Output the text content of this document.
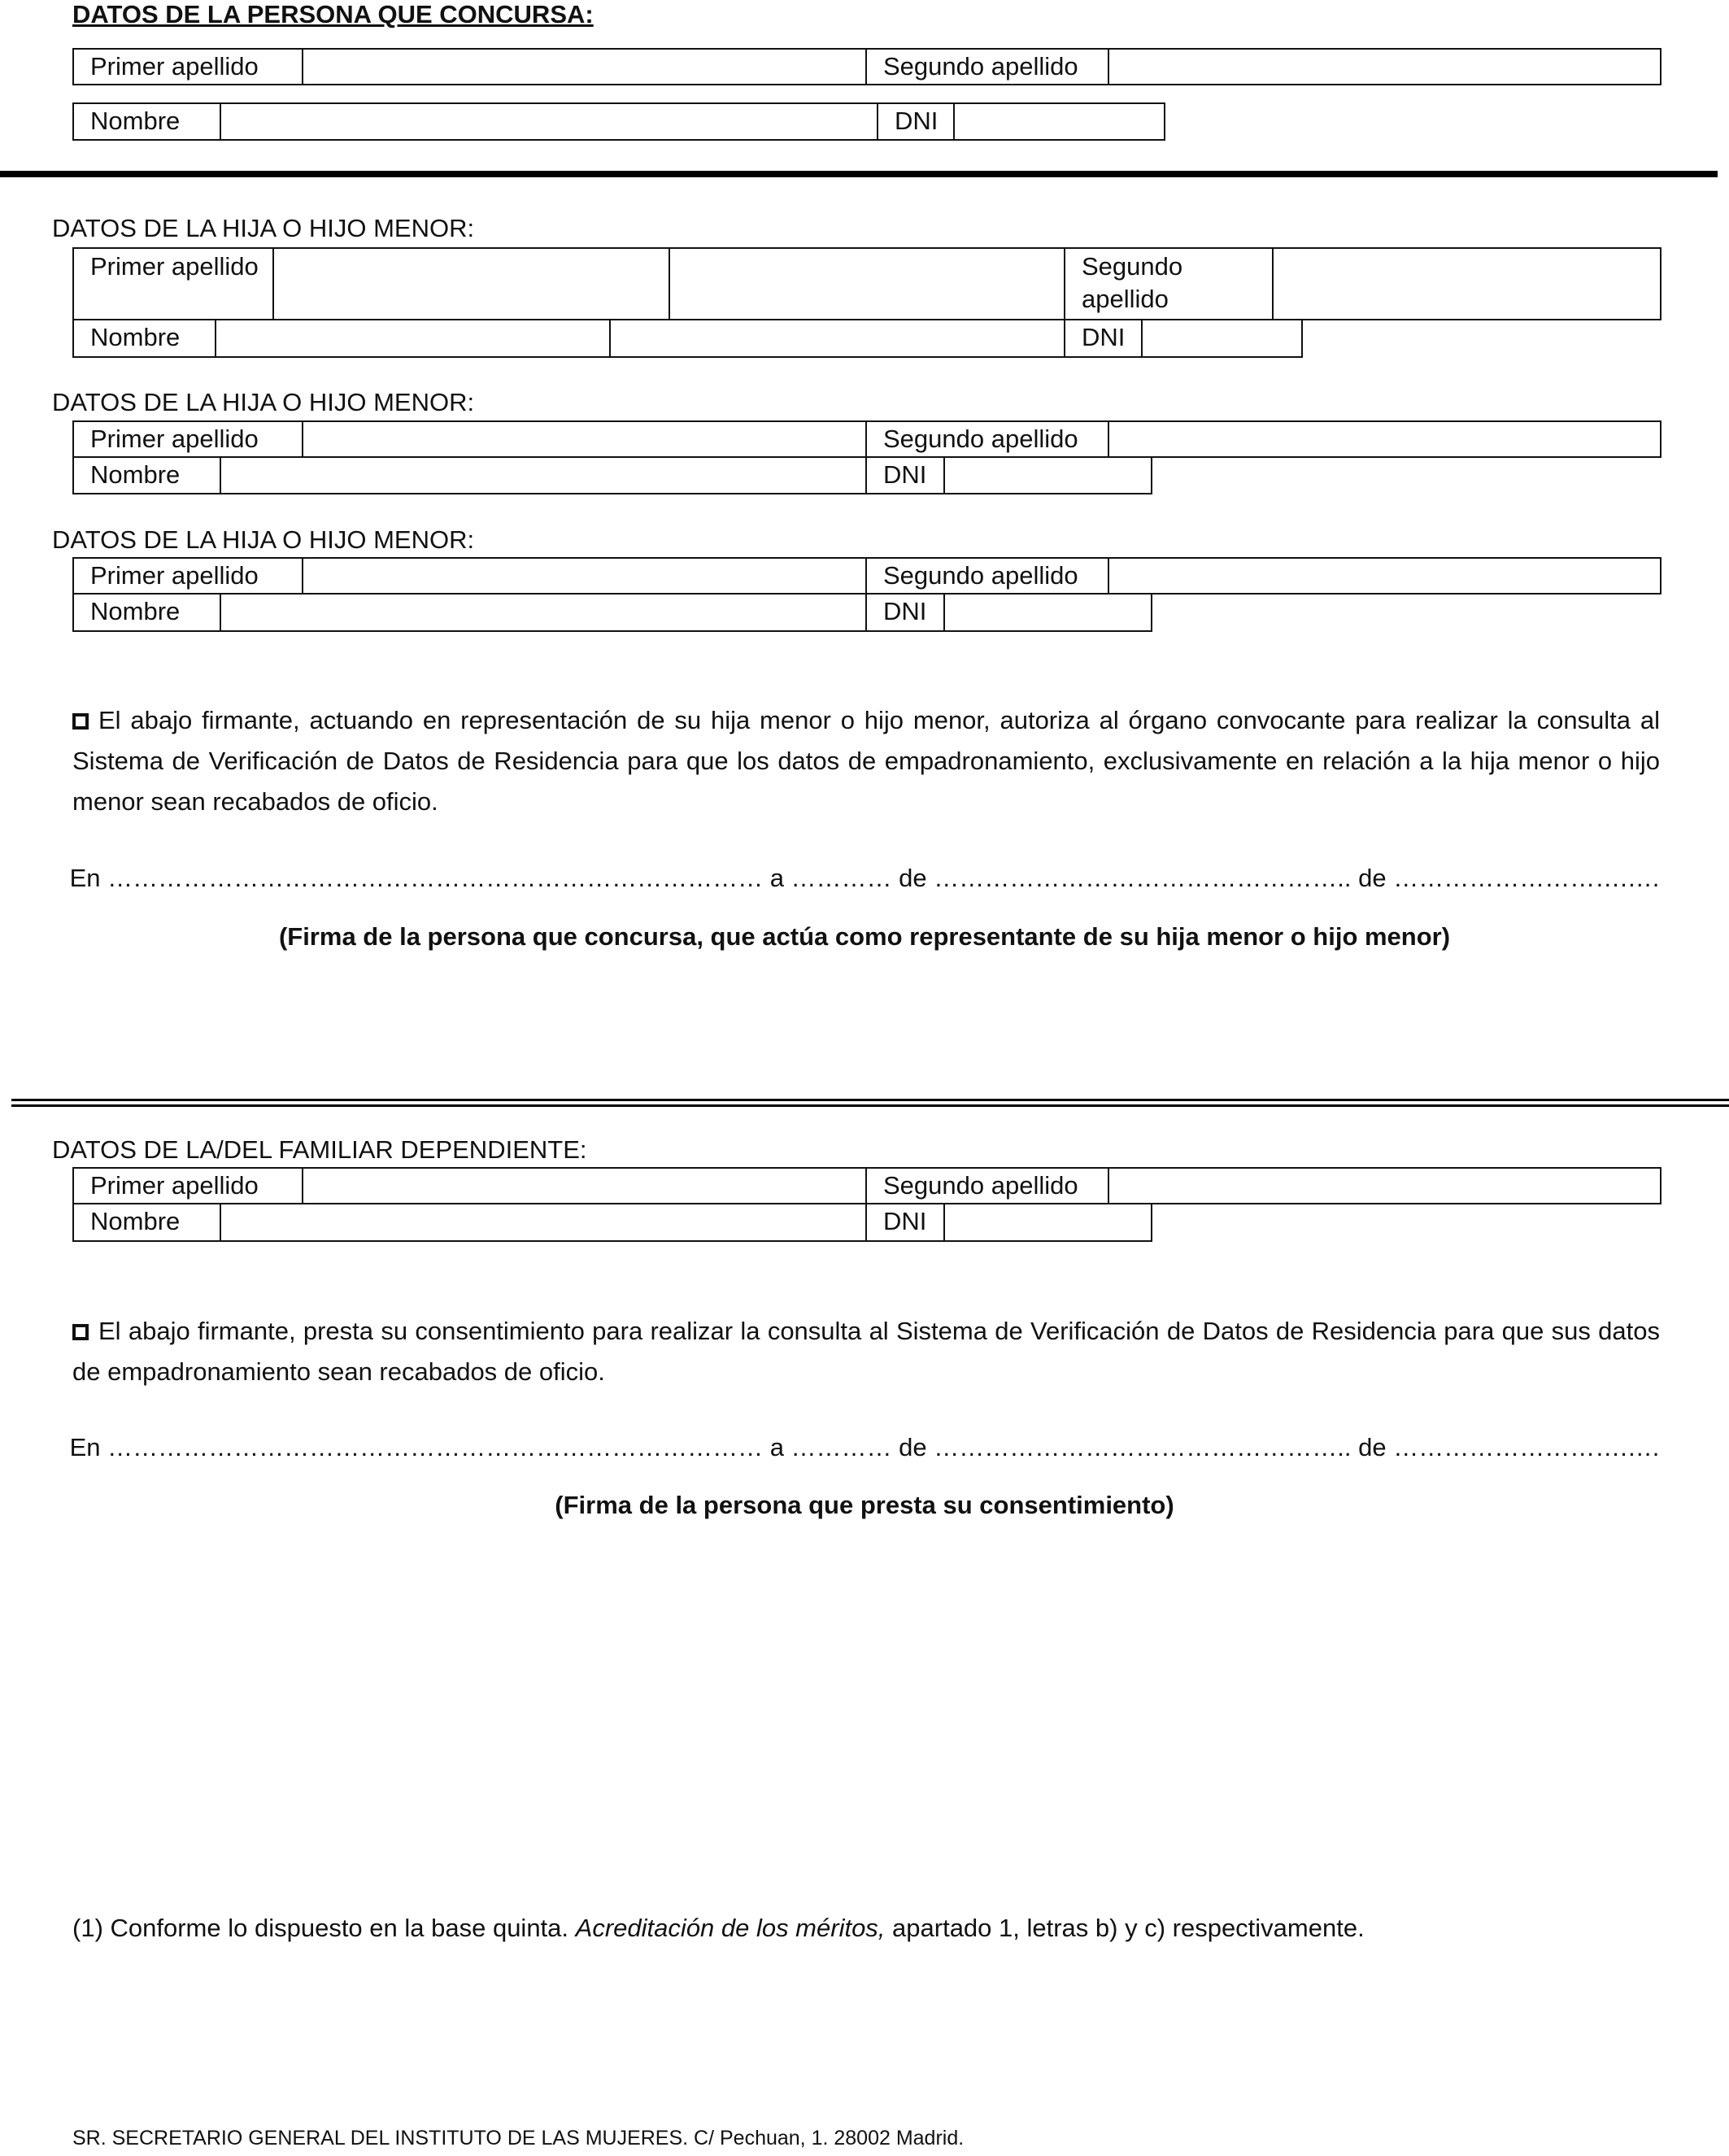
DATOS DE LA PERSONA QUE CONCURSA:
Primer apellido	Segundo apellido
Nombre	DNI
DATOS DE LA HIJA O HIJO MENOR:
Primer apellido	Segundo apellido
Nombre	DNI
DATOS DE LA HIJA O HIJO MENOR:
Primer apellido	Segundo apellido
Nombre	DNI
DATOS DE LA HIJA O HIJO MENOR:
Primer apellido	Segundo apellido
Nombre	DNI
El abajo firmante, actuando en representación de su hija menor o hijo menor, autoriza al órgano convocante para realizar la consulta al Sistema de Verificación de Datos de Residencia para que los datos de empadronamiento, exclusivamente en relación a la hija menor o hijo menor sean recabados de oficio.
En …………………………………………………………………… a ………… de ………………………………………….. de ……………………….….
(Firma de la persona que concursa, que actúa como representante de su hija menor o hijo menor)
DATOS DE LA/DEL FAMILIAR DEPENDIENTE:
Primer apellido	Segundo apellido
Nombre	DNI
El abajo firmante, presta su consentimiento para realizar la consulta al Sistema de Verificación de Datos de Residencia para que sus datos de empadronamiento sean recabados de oficio.
En …………………………………………………………………… a ………… de ………………………………………….. de ……………………….….
(Firma de la persona que presta su consentimiento)
(1) Conforme lo dispuesto en la base quinta. Acreditación de los méritos, apartado 1, letras b) y c) respectivamente.
SR. SECRETARIO GENERAL DEL INSTITUTO DE LAS MUJERES. C/ Pechuan, 1. 28002 Madrid.
